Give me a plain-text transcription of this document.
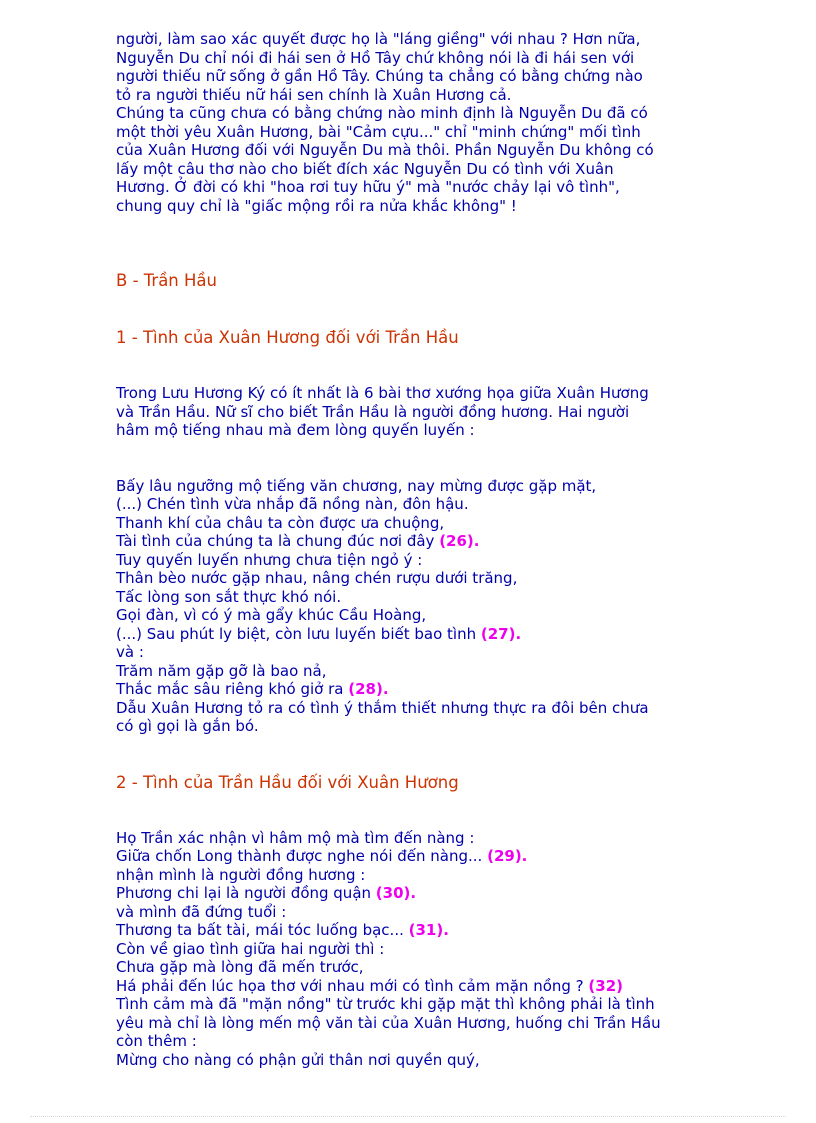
người, làm sao xác quyết được họ là "láng giềng" với nhau ? Hơn nữa,

Nguyễn Du chỉ nói đi hái sen ở Hồ Tây chứ không nói là đi hái sen với

người thiếu nữ sống ở gần Hồ Tây. Chúng ta chẳng có bằng chứng nào

tỏ ra người thiếu nữ hái sen chính là Xuân Hương cả.

Chúng ta cũng chưa có bằng chứng nào minh định là Nguyễn Du đã có

một thời yêu Xuân Hương, bài "Cảm cựu..." chỉ "minh chứng" mối tình

của Xuân Hương đối với Nguyễn Du mà thôi. Phần Nguyễn Du không có

lấy một câu thơ nào cho biết đích xác Nguyễn Du có tình với Xuân

Hương. Ở đời có khi "hoa rơi tuy hữu ý" mà "nước chảy lại vô tình",

chung quy chỉ là "giấc mộng rồi ra nửa khắc không" !

B - Trần Hầu

1 - Tình của Xuân Hương đối với Trần Hầu

Trong Lưu Hương Ký có ít nhất là 6 bài thơ xướng họa giữa Xuân Hương

và Trần Hầu. Nữ sĩ cho biết Trần Hầu là người đồng hương. Hai người

hâm mộ tiếng nhau mà đem lòng quyến luyến :

Bấy lâu ngưỡng mộ tiếng văn chương, nay mừng được gặp mặt,

(...) Chén tình vừa nhắp đã nồng nàn, đôn hậu.

Thanh khí của châu ta còn được ưa chuộng,

Tài tình của chúng ta là chung đúc nơi đây (26).

Tuy quyến luyến nhưng chưa tiện ngỏ ý :

Thân bèo nước gặp nhau, nâng chén rượu dưới trăng,

Tấc lòng son sắt thực khó nói.

Gọi đàn, vì có ý mà gẩy khúc Cầu Hoàng,

(...) Sau phút ly biệt, còn lưu luyến biết bao tình (27).

và :

Trăm năm gặp gỡ là bao nả,

Thắc mắc sâu riêng khó giở ra (28).

Dẫu Xuân Hương tỏ ra có tình ý thắm thiết nhưng thực ra đôi bên chưa

có gì gọi là gắn bó.

2 - Tình của Trần Hầu đối với Xuân Hương

Họ Trần xác nhận vì hâm mộ mà tìm đến nàng :

Giữa chốn Long thành được nghe nói đến nàng... (29).

nhận mình là người đồng hương :

Phương chi lại là người đồng quận (30).

và mình đã đứng tuổi :

Thương ta bất tài, mái tóc luống bạc... (31).

Còn về giao tình giữa hai người thì :

Chưa gặp mà lòng đã mến trước,

Há phải đến lúc họa thơ với nhau mới có tình cảm mặn nồng ? (32)

Tình cảm mà đã "mặn nồng" từ trước khi gặp mặt thì không phải là tình

yêu mà chỉ là lòng mến mộ văn tài của Xuân Hương, huống chi Trần Hầu

còn thêm :

Mừng cho nàng có phận gửi thân nơi quyền quý,
